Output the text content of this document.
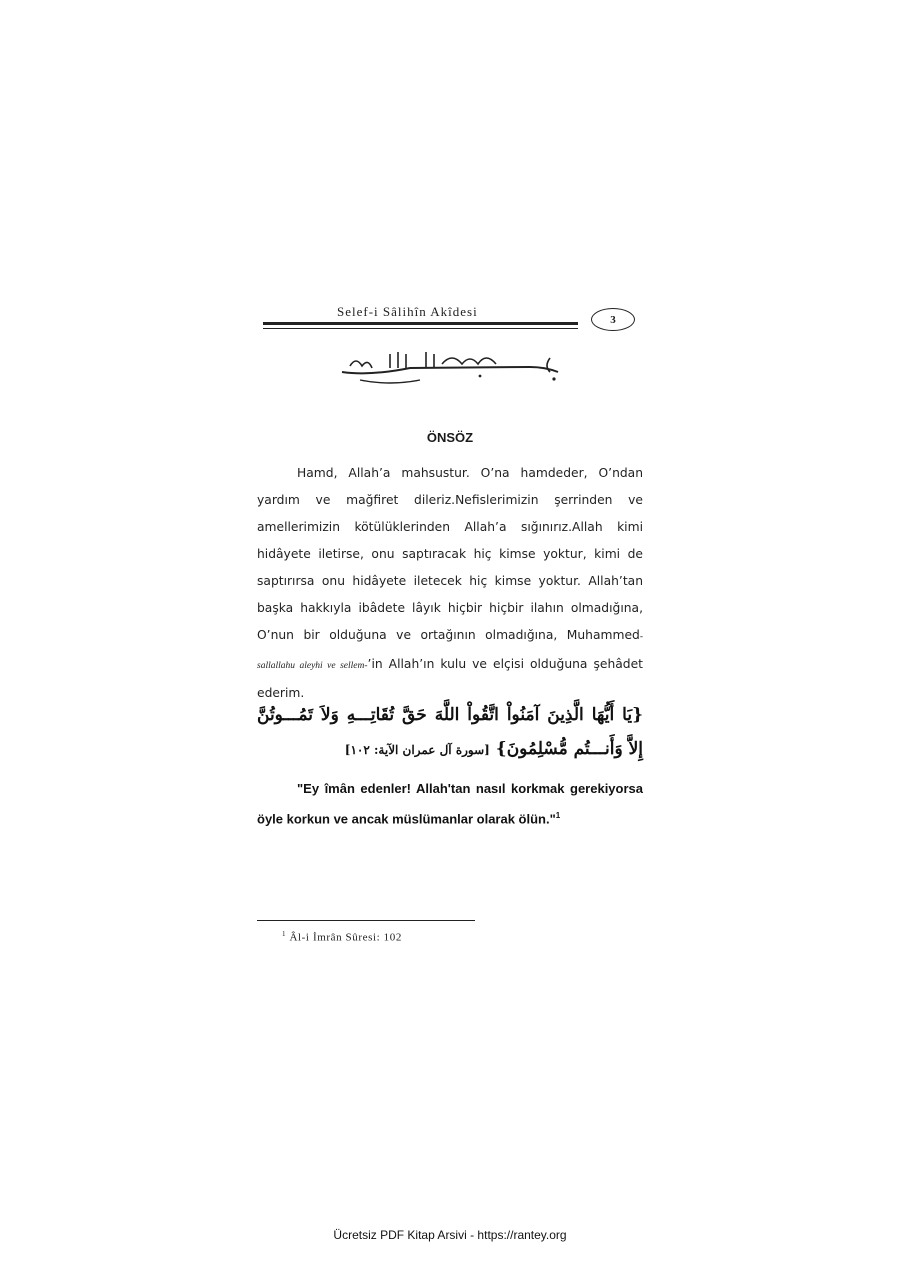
Selef-i Sâlihîn Akîdesi
3
ÖNSÖZ
Hamd, Allah’a mahsustur. O’na hamdeder, O’ndan yardım ve mağfiret dileriz.Nefislerimizin şerrinden ve amellerimizin kötülüklerinden Allah’a sığınırız.Allah kimi hidâyete iletirse, onu saptıracak hiç kimse yoktur, kimi de saptırırsa onu hidâyete iletecek hiç kimse yoktur. Allah’tan başka hakkıyla ibâdete lâyık hiçbir hiçbir ilahın olmadığına, O’nun bir olduğuna ve ortağının olmadığına, Muhammed-sallallahu aleyhi ve sellem-’in Allah’ın kulu ve elçisi olduğuna şehâdet ederim.
{يَا أَيُّهَا الَّذِينَ آمَنُواْ اتَّقُواْ اللَّهَ حَقَّ تُقَاتِـــهِ وَلاَ تَمُـــوتُنَّ إِلاَّ وَأَنـــتُم مُّسْلِمُونَ} [سورة آل عمران الآية: ١٠٢]
"Ey îmân edenler! Allah'tan nasıl korkmak gerekiyorsa öyle korkun ve ancak müslümanlar olarak ölün."$^1$
$^1$ Âl-i İmrân Sûresi: 102
Ücretsiz PDF Kitap Arsivi - https://rantey.org
